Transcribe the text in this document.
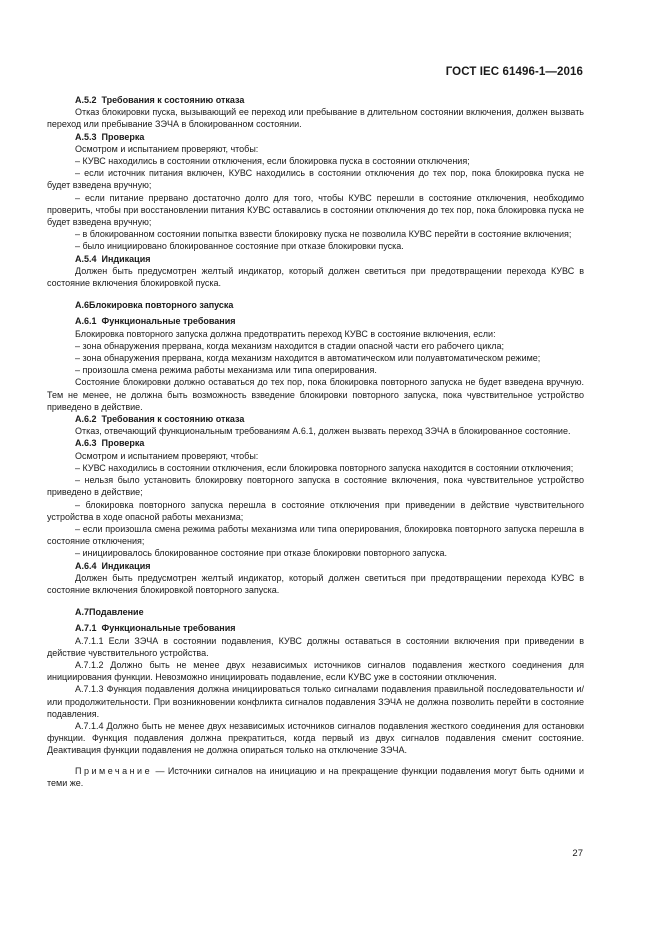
ГОСТ IEC 61496-1—2016
A.5.2 Требования к состоянию отказа
Отказ блокировки пуска, вызывающий ее переход или пребывание в длительном состоянии включения, должен вызвать переход или пребывание ЗЭЧА в блокированном состоянии.
A.5.3 Проверка
Осмотром и испытанием проверяют, чтобы:
– КУВС находились в состоянии отключения, если блокировка пуска в состоянии отключения;
– если источник питания включен, КУВС находились в состоянии отключения до тех пор, пока блокировка пуска не будет взведена вручную;
– если питание прервано достаточно долго для того, чтобы КУВС перешли в состояние отключения, необходимо проверить, чтобы при восстановлении питания КУВС оставались в состоянии отключения до тех пор, пока блокировка пуска не будет взведена вручную;
– в блокированном состоянии попытка взвести блокировку пуска не позволила КУВС перейти в состояние включения;
– было инициировано блокированное состояние при отказе блокировки пуска.
A.5.4 Индикация
Должен быть предусмотрен желтый индикатор, который должен светиться при предотвращении перехода КУВС в состояние включения блокировкой пуска.
A.6Блокировка повторного запуска
A.6.1 Функциональные требования
Блокировка повторного запуска должна предотвратить переход КУВС в состояние включения, если:
– зона обнаружения прервана, когда механизм находится в стадии опасной части его рабочего цикла;
– зона обнаружения прервана, когда механизм находится в автоматическом или полуавтоматическом режиме;
– произошла смена режима работы механизма или типа оперирования.
Состояние блокировки должно оставаться до тех пор, пока блокировка повторного запуска не будет взведена вручную. Тем не менее, не должна быть возможность взведение блокировки повторного запуска, пока чувствительное устройство приведено в действие.
A.6.2 Требования к состоянию отказа
Отказ, отвечающий функциональным требованиям А.6.1, должен вызвать переход ЗЭЧА в блокированное состояние.
A.6.3 Проверка
Осмотром и испытанием проверяют, чтобы:
– КУВС находились в состоянии отключения, если блокировка повторного запуска находится в состоянии отключения;
– нельзя было установить блокировку повторного запуска в состояние включения, пока чувствительное устройство приведено в действие;
– блокировка повторного запуска перешла в состояние отключения при приведении в действие чувствительного устройства в ходе опасной работы механизма;
– если произошла смена режима работы механизма или типа оперирования, блокировка повторного запуска перешла в состояние отключения;
– инициировалось блокированное состояние при отказе блокировки повторного запуска.
A.6.4 Индикация
Должен быть предусмотрен желтый индикатор, который должен светиться при предотвращении перехода КУВС в состояние включения блокировкой повторного запуска.
A.7Подавление
A.7.1 Функциональные требования
А.7.1.1 Если ЗЭЧА в состоянии подавления, КУВС должны оставаться в состоянии включения при приведении в действие чувствительного устройства.
А.7.1.2 Должно быть не менее двух независимых источников сигналов подавления жесткого соединения для инициирования функции. Невозможно инициировать подавление, если КУВС уже в состоянии отключения.
А.7.1.3 Функция подавления должна инициироваться только сигналами подавления правильной последовательности и/или продолжительности. При возникновении конфликта сигналов подавления ЗЭЧА не должна позволить перейти в состояние подавления.
А.7.1.4 Должно быть не менее двух независимых источников сигналов подавления жесткого соединения для остановки функции. Функция подавления должна прекратиться, когда первый из двух сигналов подавления сменит состояние. Деактивация функции подавления не должна опираться только на отключение ЗЭЧА.
Примечание — Источники сигналов на инициацию и на прекращение функции подавления могут быть одними и теми же.
27
